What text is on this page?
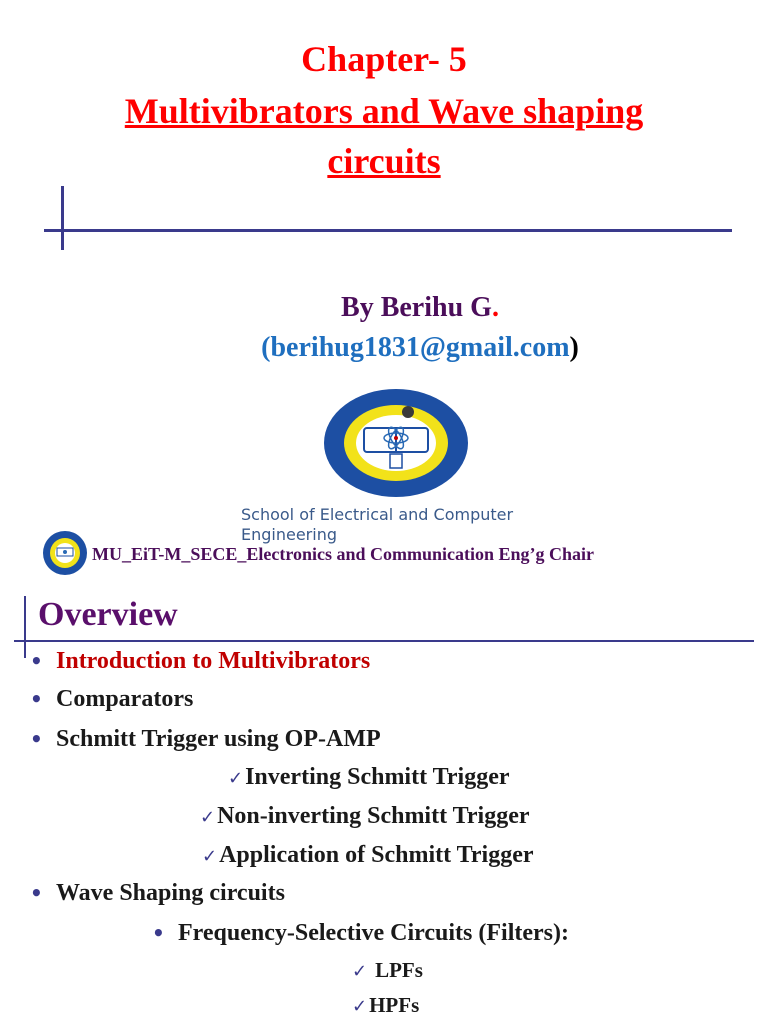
Chapter- 5
Multivibrators and Wave shaping
circuits
By Berihu G.
(berihug1831@gmail.com)
School of Electrical and Computer
Engineering
MU_EiT-M_SECE_Electronics and Communication Eng’g Chair
Overview
• Introduction to Multivibrators
• Comparators
• Schmitt Trigger using OP-AMP
✓Inverting Schmitt Trigger
✓Non-inverting Schmitt Trigger
✓Application of Schmitt Trigger
• Wave Shaping circuits
• Frequency-Selective Circuits (Filters):
✓ LPFs
✓HPFs
